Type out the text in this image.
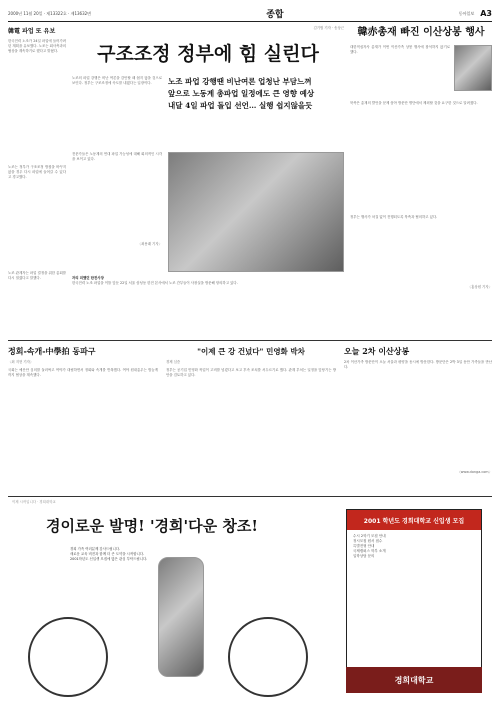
2000년 11월 20일 · 제13322호 · 제13632면	종합	동아일보 A3
韓電 파업 또 유보
한국전력 노조가 24일 파업에 들어가려던 계획을 유보했다. 노조는 회사측과의 협상을 계속하기로 했다고 밝혔다.
노조는 정부가 구조조정 방침을 바꾸지 않을 경우 다시 파업에 들어갈 수 있다고 경고했다.
노조 관계자는 파업 결정을 위한 총회를 다시 열겠다고 말했다.
김기범 기자 · 송상근
구조조정 정부에 힘 실린다
노조의 파업 강행은 비난 여론을 감안할 때 쉽지 않을 것으로 보인다. 정부는 구조조정에 속도를 내겠다는 입장이다.	노조 파업 강행땐 비난여론 업청난 부담느껴
앞으로 노동계 총파업 일정에도 큰 영향 예상
내달 4일 파업 돌입 선언… 실행 쉽지않을듯
전문가들은 노동계의 연대 파업 가능성에 대해 회의적인 시각을 보이고 있다.
〈최용래 기자〉
자리 피했던 한전사장
한국전력 노조 파업을 이틀 앞둔 22일 서울 삼성동 한전 본사에서 노조 간부들이 사장실을 방문해 항의하고 있다.
韓赤총재 빠진 이산상봉 행사
대한적십자사 총재가 이번 이산가족 상봉 행사에 참석하지 않기로 했다.
북측은 총재의 발언을 문제 삼아 방문단 명단에서 제외할 것을 요구한 것으로 알려졌다.
정부는 행사가 차질 없이 진행되도록 북측과 협의하고 있다.
〈홍상원 기자〉
정회-속개-中學拍 동파구
〈최 지현 기자〉
국회는 예산안 심의를 둘러싸고 여야가 대립하면서 정회와 속개를 반복했다. 여야 원내총무는 밤늦게까지 협상을 계속했다.
"이제 큰 강 건넜다" 민영화 박차
경제 심층
정부는 공기업 민영화 작업이 고비를 넘겼다고 보고 후속 조치를 서두르기로 했다. 관계 부처는 일정을 앞당기는 방안을 검토하고 있다.
오늘 2차 이산상봉
2차 이산가족 방문단이 오늘 서울과 평양을 동시에 방문한다. 방문단은 2박 3일 동안 가족들을 만난다.
〈www.donga.com〉
이제 시작입니다 · 경희대학교
경이로운 발명! '경희'다운 창조!
경희 가족 여러분께 감사드립니다.
새로운 교육 비전과 함께 더 큰 도약을 시작합니다.
2001학년도 신입생 모집에 많은 관심 부탁드립니다.
2001 학년도 경희대학교 신입생 모집
수시 2학기 모집 안내
정시모집 원서 접수
특별전형 안내
국제캠퍼스 학부 소개
입학상담 문의
경희대학교
